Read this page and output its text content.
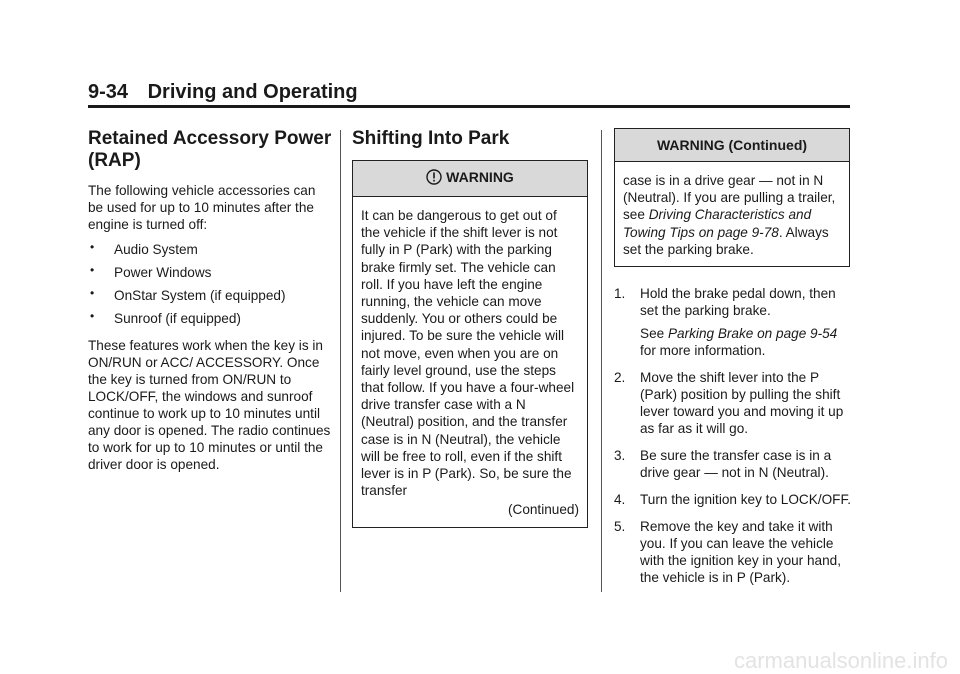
9-34 Driving and Operating
Retained Accessory Power (RAP)

The following vehicle accessories can be used for up to 10 minutes after the engine is turned off:

• Audio System
• Power Windows
• OnStar System (if equipped)
• Sunroof (if equipped)

These features work when the key is in ON/RUN or ACC/ ACCESSORY. Once the key is turned from ON/RUN to LOCK/OFF, the windows and sunroof continue to work up to 10 minutes until any door is opened. The radio continues to work for up to 10 minutes or until the driver door is opened.

Shifting Into Park
WARNING
It can be dangerous to get out of the vehicle if the shift lever is not fully in P (Park) with the parking brake firmly set. The vehicle can roll. If you have left the engine running, the vehicle can move suddenly. You or others could be injured. To be sure the vehicle will not move, even when you are on fairly level ground, use the steps that follow. If you have a four-wheel drive transfer case with a N (Neutral) position, and the transfer case is in N (Neutral), the vehicle will be free to roll, even if the shift lever is in P (Park). So, be sure the transfer
(Continued)
WARNING (Continued)
case is in a drive gear — not in N (Neutral). If you are pulling a trailer, see Driving Characteristics and Towing Tips on page 9-78. Always set the parking brake.
1. Hold the brake pedal down, then set the parking brake.
See Parking Brake on page 9-54 for more information.
2. Move the shift lever into the P (Park) position by pulling the shift lever toward you and moving it up as far as it will go.
3. Be sure the transfer case is in a drive gear — not in N (Neutral).
4. Turn the ignition key to LOCK/OFF.
5. Remove the key and take it with you. If you can leave the vehicle with the ignition key in your hand, the vehicle is in P (Park).
carmanualsonline.info
